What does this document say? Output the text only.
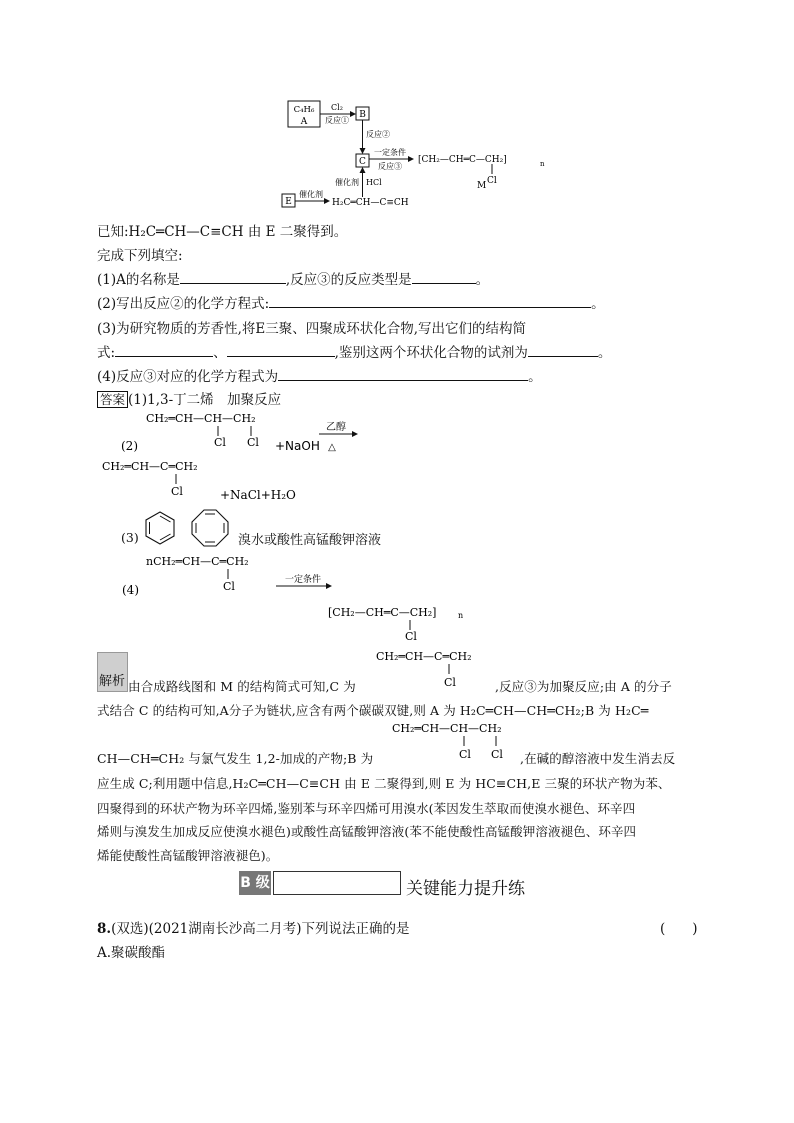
C₄H₆
A
Cl₂
反应①
B
反应②
C
一定条件
反应③
[CH₂—CH═C—CH₂]	n
Cl
M
催化剂 HCl
E
催化剂
H₂C═CH—C≡CH
已知:H₂C═CH—C≡CH 由 E 二聚得到。
完成下列填空:
(1)A的名称是	,反应③的反应类型是	。
(2)写出反应②的化学方程式:	。
(3)为研究物质的芳香性,将E三聚、四聚成环状化合物,写出它们的结构简
式:	、	,鉴别这两个环状化合物的试剂为	。
(4)反应③对应的化学方程式为	。
答案 (1)1,3-丁二烯　加聚反应
CH₂═CH—CH—CH₂
Cl Cl
(2)	+NaOH
乙醇
△
CH₂═CH—C═CH₂
Cl	+NaCl+H₂O
(3)	溴水或酸性高锰酸钾溶液
nCH₂═CH—C═CH₂
Cl
(4)
一定条件
[CH₂—CH═C—CH₂]	n
Cl
CH₂═CH—C═CH₂
Cl
解析 由合成路线图和 M 的结构简式可知,C 为	,反应③为加聚反应;由 A 的分子
式结合 C 的结构可知,A分子为链状,应含有两个碳碳双键,则 A 为 H₂C═CH—CH═CH₂;B 为 H₂C═
CH₂═CH—CH—CH₂
Cl Cl
CH—CH═CH₂ 与氯气发生 1,2-加成的产物;B 为	,在碱的醇溶液中发生消去反
应生成 C;利用题中信息,H₂C═CH—C≡CH 由 E 二聚得到,则 E 为 HC≡CH,E 三聚的环状产物为苯、
四聚得到的环状产物为环辛四烯,鉴别苯与环辛四烯可用溴水(苯因发生萃取而使溴水褪色、环辛四
烯则与溴发生加成反应使溴水褪色)或酸性高锰酸钾溶液(苯不能使酸性高锰酸钾溶液褪色、环辛四
烯能使酸性高锰酸钾溶液褪色)。
B 级	关键能力提升练
8.(双选)(2021湖南长沙高二月考)下列说法正确的是	(　　)
A.聚碳酸酯
